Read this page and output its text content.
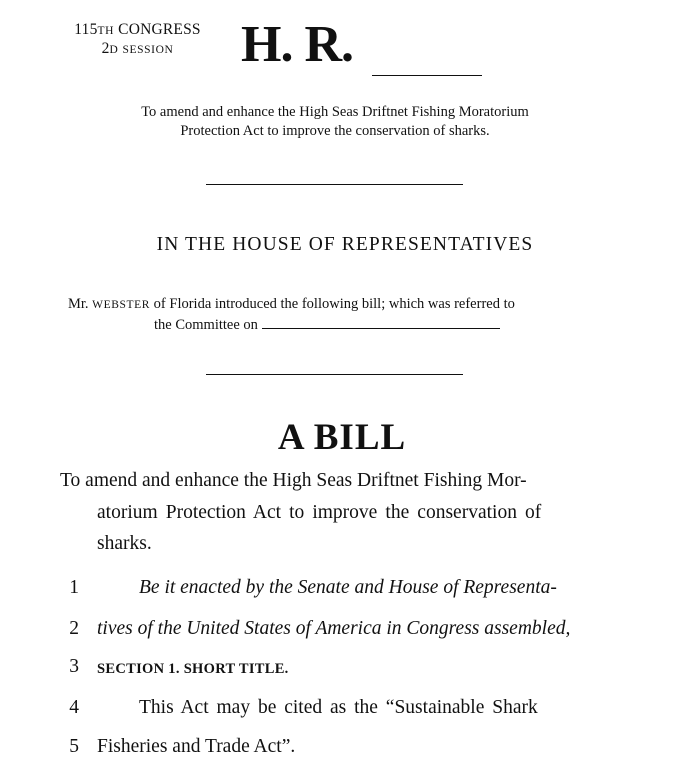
115TH CONGRESS
2D SESSION	H. R.
To amend and enhance the High Seas Driftnet Fishing Moratorium
Protection Act to improve the conservation of sharks.
IN THE HOUSE OF REPRESENTATIVES
Mr. WEBSTER of Florida introduced the following bill; which was referred to
the Committee on
A BILL
To amend and enhance the High Seas Driftnet Fishing Mor-
atorium Protection Act to improve the conservation of
sharks.
1	Be it enacted by the Senate and House of Representa-
2 tives of the United States of America in Congress assembled,
3 SECTION 1. SHORT TITLE.
4	This Act may be cited as the “Sustainable Shark
5 Fisheries and Trade Act”.
